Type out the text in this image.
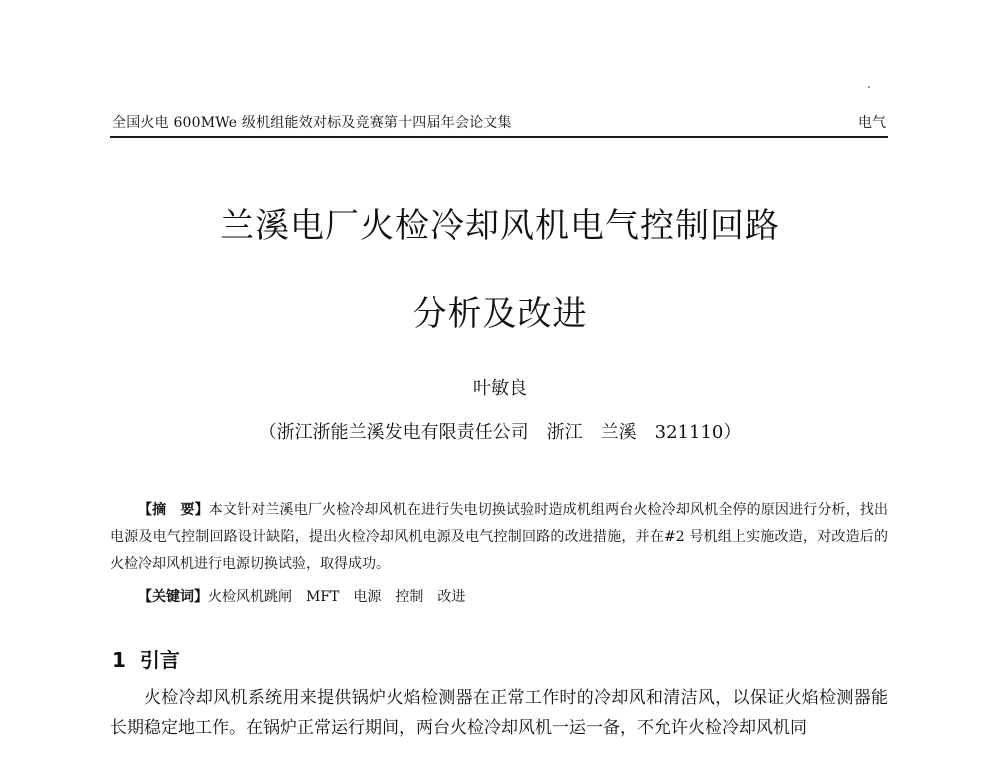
全国火电 600MWe 级机组能效对标及竞赛第十四届年会论文集	电气
兰溪电厂火检冷却风机电气控制回路
分析及改进
叶敏良
（浙江浙能兰溪发电有限责任公司　浙江　兰溪　321110）
【摘　要】本文针对兰溪电厂火检冷却风机在进行失电切换试验时造成机组两台火检冷却风机全停的原因进行分析，找出电源及电气控制回路设计缺陷，提出火检冷却风机电源及电气控制回路的改进措施，并在#2 号机组上实施改造，对改造后的火检冷却风机进行电源切换试验，取得成功。
【关键词】火检风机跳闸　MFT　电源　控制　改进
1 引言
火检冷却风机系统用来提供锅炉火焰检测器在正常工作时的冷却风和清洁风，以保证火焰检测器能长期稳定地工作。在锅炉正常运行期间，两台火检冷却风机一运一备，不允许火检冷却风机同
